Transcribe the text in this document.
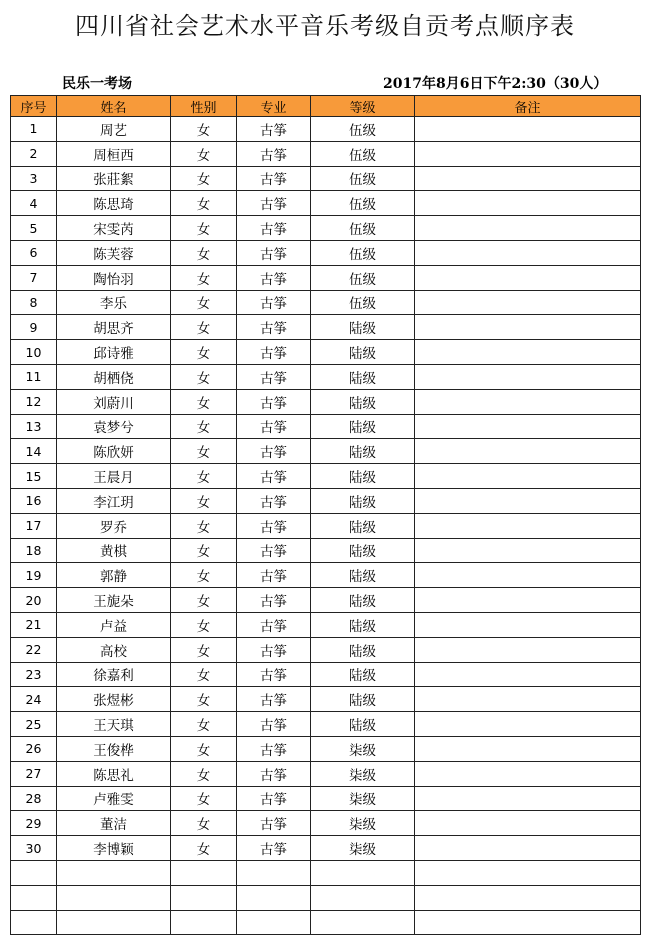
四川省社会艺术水平音乐考级自贡考点顺序表
民乐一考场	2017年8月6日下午2:30（30人）
序号	姓名	性别	专业	等级	备注
1	周艺	女	古筝	伍级	
2	周桓西	女	古筝	伍级	
3	张莊絮	女	古筝	伍级	
4	陈思琦	女	古筝	伍级	
5	宋雯芮	女	古筝	伍级	
6	陈芙蓉	女	古筝	伍级	
7	陶怡羽	女	古筝	伍级	
8	李乐	女	古筝	伍级	
9	胡思齐	女	古筝	陆级	
10	邱诗雅	女	古筝	陆级	
11	胡栖侥	女	古筝	陆级	
12	刘蔚川	女	古筝	陆级	
13	袁梦兮	女	古筝	陆级	
14	陈欣妍	女	古筝	陆级	
15	王晨月	女	古筝	陆级	
16	李江玥	女	古筝	陆级	
17	罗乔	女	古筝	陆级	
18	黄棋	女	古筝	陆级	
19	郭静	女	古筝	陆级	
20	王旎朵	女	古筝	陆级	
21	卢益	女	古筝	陆级	
22	高校	女	古筝	陆级	
23	徐嘉利	女	古筝	陆级	
24	张煜彬	女	古筝	陆级	
25	王天琪	女	古筝	陆级	
26	王俊桦	女	古筝	柒级	
27	陈思礼	女	古筝	柒级	
28	卢雅雯	女	古筝	柒级	
29	董洁	女	古筝	柒级	
30	李博颖	女	古筝	柒级	
